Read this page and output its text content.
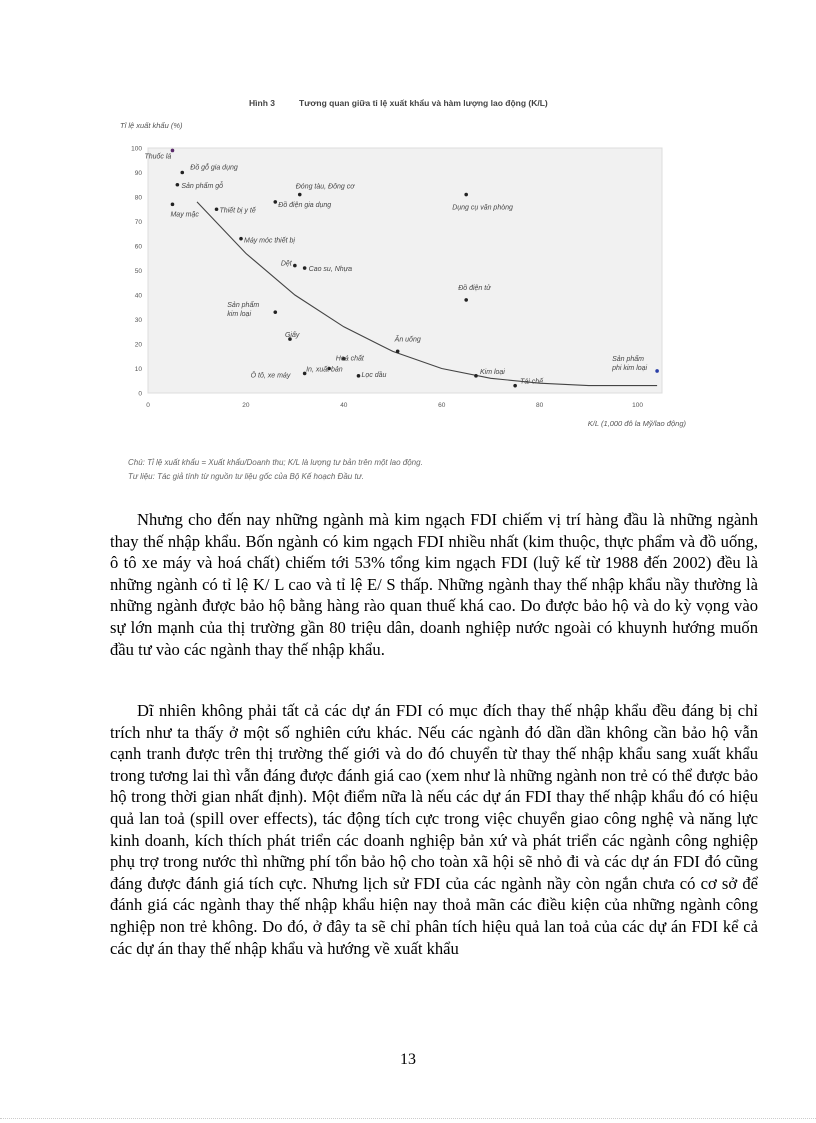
Hình 3	Tương quan giữa tỉ lệ xuất khẩu và hàm lượng lao động (K/L)
Tỉ lệ xuất khẩu (%)
K/L (1,000 đô la Mỹ/lao động)
0
10
20
30
40
50
60
70
80
90
100
0	20	40	60	80	100
Thuốc lá
Đồ gỗ gia dụng
Sản phẩm gỗ
May mặc
Thiết bị y tế
Đóng tàu, Đông cơ
Đồ điện gia dụng	Dụng cụ văn phòng
Máy móc thiết bị
Dệt
Cao su, Nhựa
Đồ điện tử
Sản phẩm kim loại
Giấy
Ăn uống
Hoá chất
In, xuất bản
Ô tô, xe máy	Lọc dầu	Kim loại
Tái chế
Sản phẩm phi kim loại
Chú: Tỉ lệ xuất khẩu = Xuất khẩu/Doanh thu; K/L là lượng tư bản trên một lao động.
Tư liệu: Tác giả tính từ nguồn tư liệu gốc của Bộ Kế hoạch Đầu tư.

Nhưng cho đến nay những ngành mà kim ngạch FDI chiếm vị trí hàng đầu là những ngành thay thế nhập khẩu. Bốn ngành có kim ngạch FDI nhiều nhất (kim thuộc, thực phẩm và đồ uống, ô tô xe máy và hoá chất) chiếm tới 53% tổng kim ngạch FDI (luỹ kế từ 1988 đến 2002) đều là những ngành có tỉ lệ K/ L cao và tỉ lệ E/ S thấp. Những ngành thay thế nhập khẩu nầy thường là những ngành được bảo hộ bằng hàng rào quan thuế khá cao. Do được bảo hộ và do kỳ vọng vào sự lớn mạnh của thị trường gần 80 triệu dân, doanh nghiệp nước ngoài có khuynh hướng muốn đầu tư vào các ngành thay thế nhập khẩu.

Dĩ nhiên không phải tất cả các dự án FDI có mục đích thay thế nhập khẩu đều đáng bị chỉ trích như ta thấy ở một số nghiên cứu khác. Nếu các ngành đó dần dần không cần bảo hộ vẫn cạnh tranh được trên thị trường thế giới và do đó chuyển từ thay thế nhập khẩu sang xuất khẩu trong tương lai thì vẫn đáng được đánh giá cao (xem như là những ngành non trẻ có thể được bảo hộ trong thời gian nhất định). Một điểm nữa là nếu các dự án FDI thay thế nhập khẩu đó có hiệu quả lan toả (spill over effects), tác động tích cực trong việc chuyển giao công nghệ và năng lực kinh doanh, kích thích phát triển các doanh nghiệp bản xứ và phát triển các ngành công nghiệp phụ trợ trong nước thì những phí tổn bảo hộ cho toàn xã hội sẽ nhỏ đi và các dự án FDI đó cũng đáng được đánh giá tích cực. Nhưng lịch sử FDI của các ngành nầy còn ngắn chưa có cơ sở để đánh giá các ngành thay thế nhập khẩu hiện nay thoả mãn các điều kiện của những ngành công nghiệp non trẻ không. Do đó, ở đây ta sẽ chỉ phân tích hiệu quả lan toả của các dự án FDI kể cả các dự án thay thế nhập khẩu và hướng về xuất khẩu

13
